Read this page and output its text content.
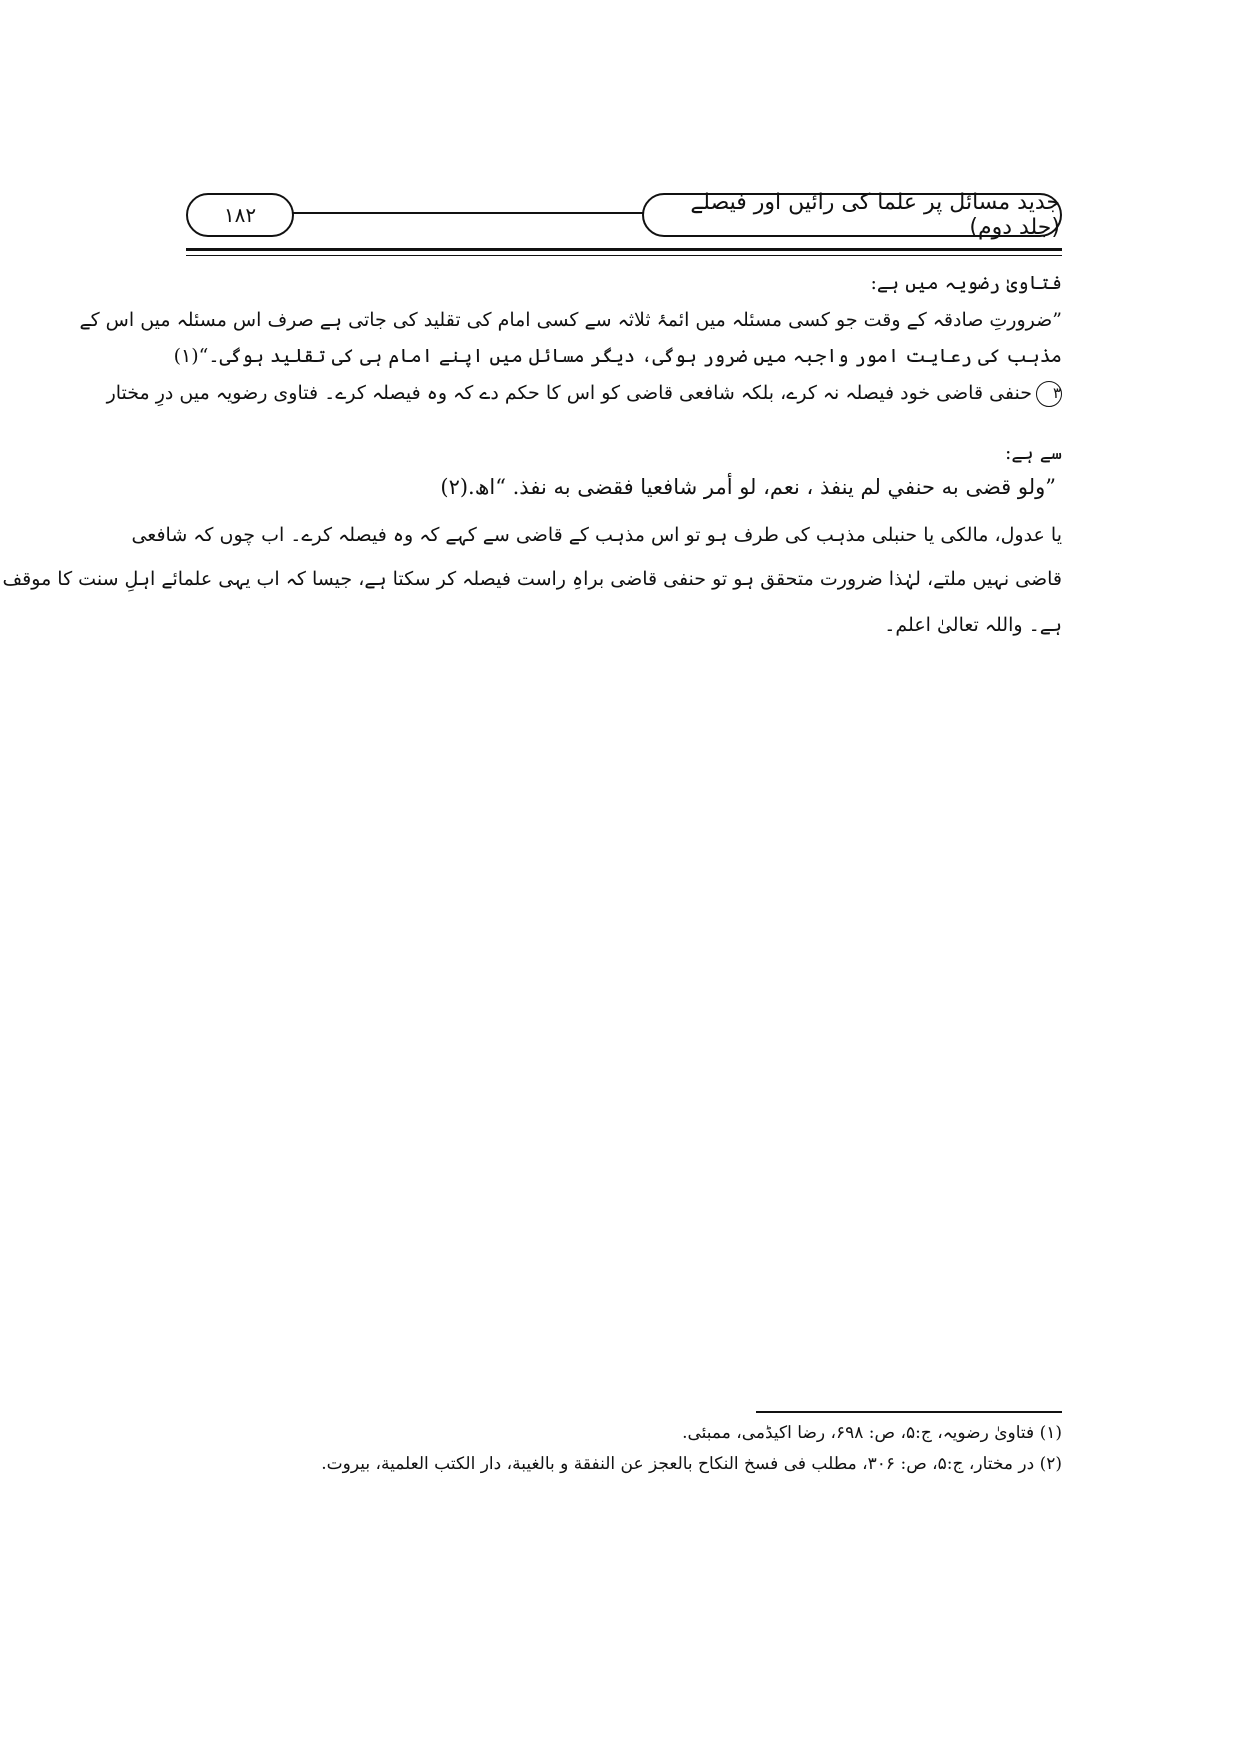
جدید مسائل پر علما کی رائیں اور فیصلے (جلد دوم)
۱۸۲
فتاویٰ رضویہ میں ہے:
”ضرورتِ صادقہ کے وقت جو کسی مسئلہ میں ائمۂ ثلاثہ سے کسی امام کی تقلید کی جاتی ہے صرف اس مسئلہ میں اس کے
مذہب کی رعایت امور واجبہ میں ضرور ہوگی، دیگر مسائل میں اپنے امام ہی کی تقلید ہوگی۔“(۱)
۳حنفی قاضی خود فیصلہ نہ کرے، بلکہ شافعی قاضی کو اس کا حکم دے کہ وہ فیصلہ کرے۔ فتاوی رضویہ میں درِ مختار
سے ہے:
”ولو قضى به حنفي لم ينفذ ، نعم، لو أمر شافعيا فقضى به نفذ. “اھ.(۲)
یا عدول، مالکی یا حنبلی مذہب کی طرف ہو تو اس مذہب کے قاضی سے کہے کہ وہ فیصلہ کرے۔ اب چوں کہ شافعی
قاضی نہیں ملتے، لہٰذا ضرورت متحقق ہو تو حنفی قاضی براہِ راست فیصلہ کر سکتا ہے، جیسا کہ اب یہی علمائے اہلِ سنت کا موقف
ہے۔ واللہ تعالیٰ اعلم۔
(۱) فتاویٰ رضویہ، ج:۵، ص: ۶۹۸، رضا اکیڈمی، ممبئی.
(۲) در مختار، ج:۵، ص: ۳۰۶، مطلب فی فسخ النكاح بالعجز عن النفقة و بالغيبة، دار الكتب العلمية، بيروت.
